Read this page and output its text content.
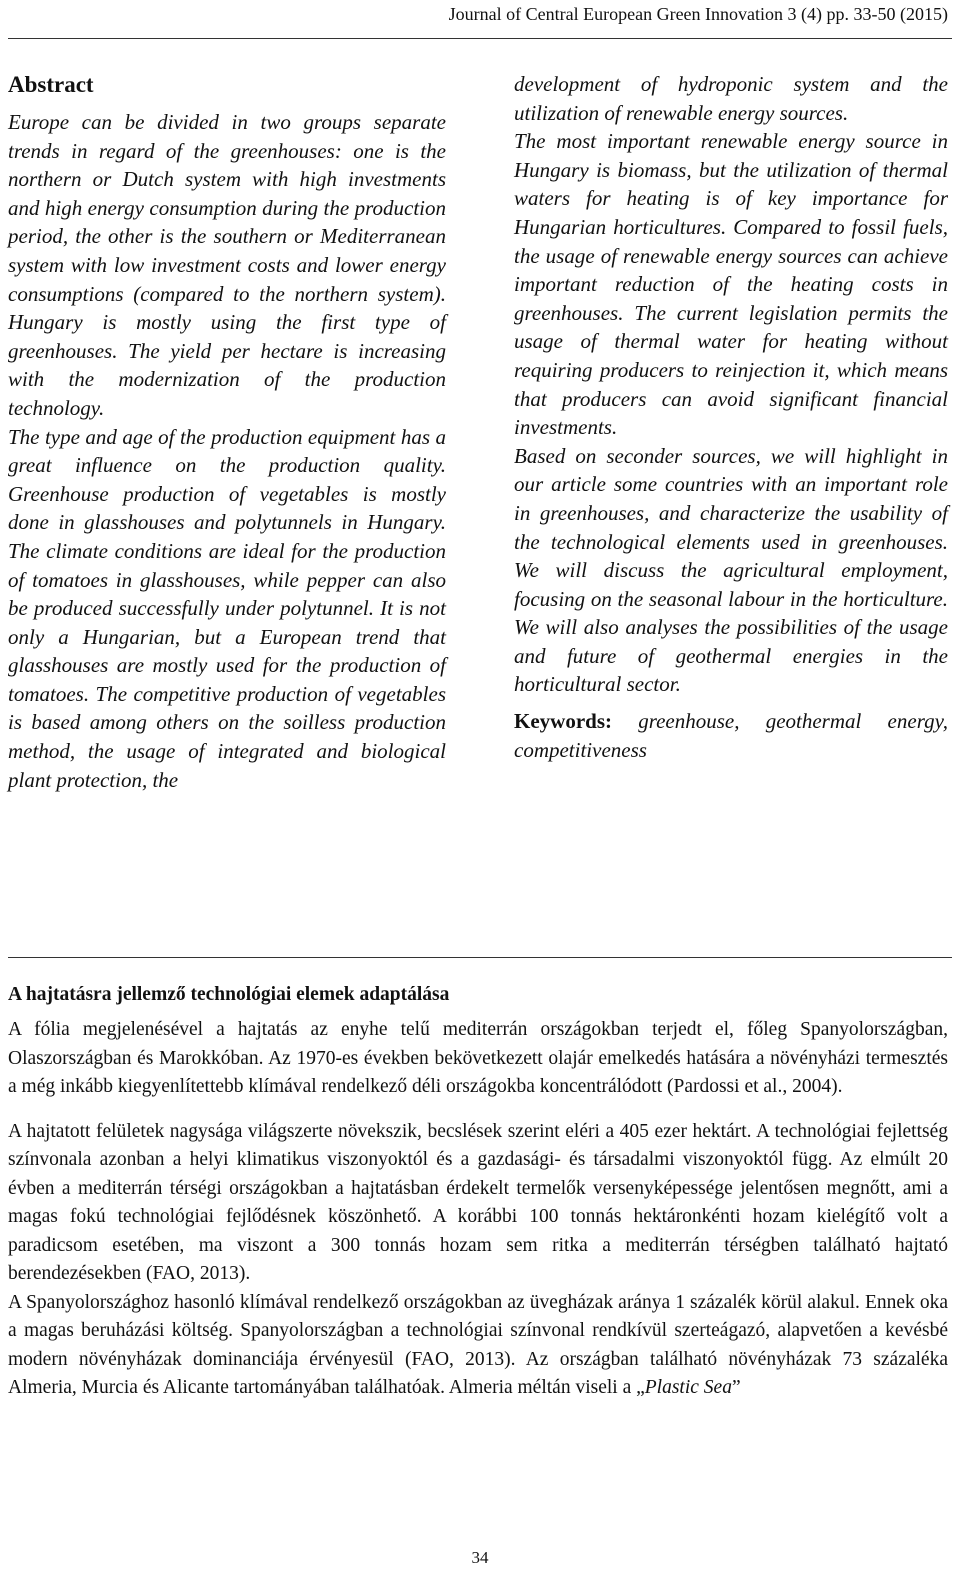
Journal of Central European Green Innovation 3 (4) pp. 33-50 (2015)
Abstract

Europe can be divided in two groups separate trends in regard of the greenhouses: one is the northern or Dutch system with high investments and high energy consumption during the production period, the other is the southern or Mediterranean system with low investment costs and lower energy consumptions (compared to the northern system). Hungary is mostly using the first type of greenhouses. The yield per hectare is increasing with the modernization of the production technology.

The type and age of the production equipment has a great influence on the production quality. Greenhouse production of vegetables is mostly done in glasshouses and polytunnels in Hungary. The climate conditions are ideal for the production of tomatoes in glasshouses, while pepper can also be produced successfully under polytunnel. It is not only a Hungarian, but a European trend that glasshouses are mostly used for the production of tomatoes. The competitive production of vegetables is based among others on the soilless production method, the usage of integrated and biological plant protection, the

development of hydroponic system and the utilization of renewable energy sources.

The most important renewable energy source in Hungary is biomass, but the utilization of thermal waters for heating is of key importance for Hungarian horticultures. Compared to fossil fuels, the usage of renewable energy sources can achieve important reduction of the heating costs in greenhouses. The current legislation permits the usage of thermal water for heating without requiring producers to reinjection it, which means that producers can avoid significant financial investments.

Based on seconder sources, we will highlight in our article some countries with an important role in greenhouses, and characterize the usability of the technological elements used in greenhouses. We will discuss the agricultural employment, focusing on the seasonal labour in the horticulture. We will also analyses the possibilities of the usage and future of geothermal energies in the horticultural sector.

Keywords: greenhouse, geothermal energy, competitiveness

A hajtatásra jellemző technológiai elemek adaptálása

A fólia megjelenésével a hajtatás az enyhe telű mediterrán országokban terjedt el, főleg Spanyolországban, Olaszországban és Marokkóban. Az 1970-es években bekövetkezett olajár emelkedés hatására a növényházi termesztés a még inkább kiegyenlítettebb klímával rendelkező déli országokba koncentrálódott (Pardossi et al., 2004).

A hajtatott felületek nagysága világszerte növekszik, becslések szerint eléri a 405 ezer hektárt. A technológiai fejlettség színvonala azonban a helyi klimatikus viszonyoktól és a gazdasági- és társadalmi viszonyoktól függ. Az elmúlt 20 évben a mediterrán térségi országokban a hajtatásban érdekelt termelők versenyképessége jelentősen megnőtt, ami a magas fokú technológiai fejlődésnek köszönhető. A korábbi 100 tonnás hektáronkénti hozam kielégítő volt a paradicsom esetében, ma viszont a 300 tonnás hozam sem ritka a mediterrán térségben található hajtató berendezésekben (FAO, 2013).

A Spanyolországhoz hasonló klímával rendelkező országokban az üvegházak aránya 1 százalék körül alakul. Ennek oka a magas beruházási költség. Spanyolországban a technológiai színvonal rendkívül szerteágazó, alapvetően a kevésbé modern növényházak dominanciája érvényesül (FAO, 2013). Az országban található növényházak 73 százaléka Almeria, Murcia és Alicante tartományában találhatóak. Almeria méltán viseli a „Plastic Sea”

34
